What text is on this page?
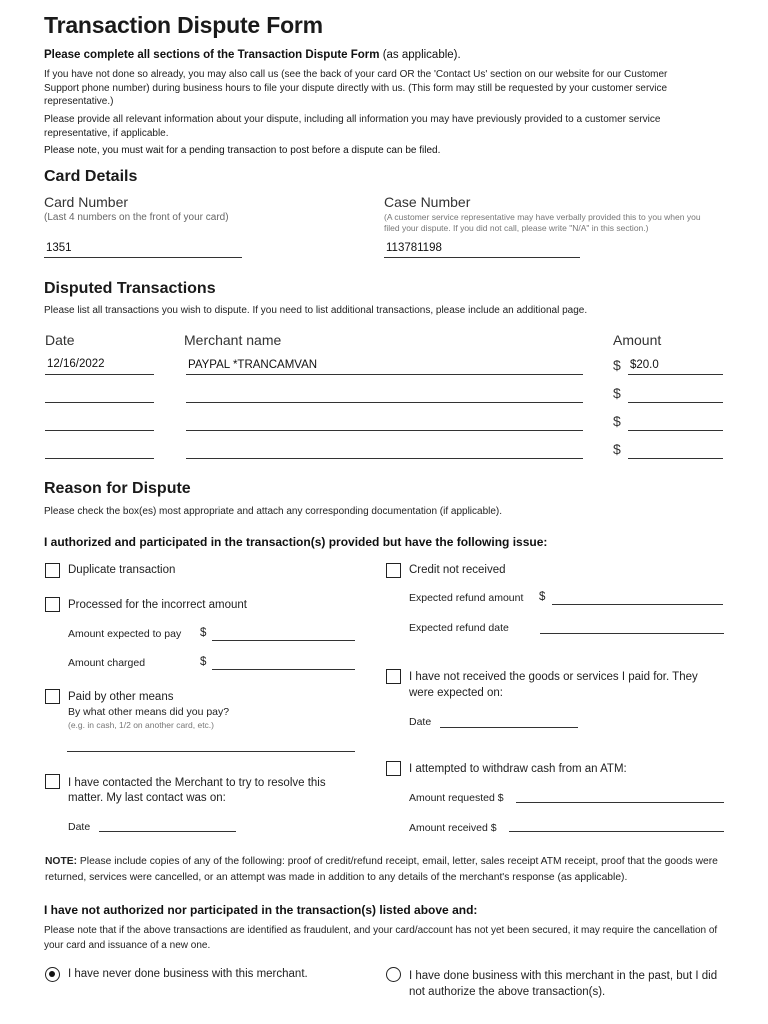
Transaction Dispute Form
Please complete all sections of the Transaction Dispute Form (as applicable).
If you have not done so already, you may also call us (see the back of your card OR the 'Contact Us' section on our website for our Customer Support phone number) during business hours to file your dispute directly with us. (This form may still be requested by your customer service representative.)
Please provide all relevant information about your dispute, including all information you may have previously provided to a customer service representative, if applicable.
Please note, you must wait for a pending transaction to post before a dispute can be filed.
Card Details
Card Number
(Last 4 numbers on the front of your card)
1351
Case Number
(A customer service representative may have verbally provided this to you when you filed your dispute. If you did not call, please write "N/A" in this section.)
113781198
Disputed Transactions
Please list all transactions you wish to dispute. If you need to list additional transactions, please include an additional page.
Date	Merchant name	Amount
12/16/2022	PAYPAL *TRANCAMVAN	$ $20.0
$
$
$
Reason for Dispute
Please check the box(es) most appropriate and attach any corresponding documentation (if applicable).
I authorized and participated in the transaction(s) provided but have the following issue:
Duplicate transaction
Processed for the incorrect amount
Amount expected to pay $
Amount charged	$
Paid by other means
By what other means did you pay?
(e.g. in cash, 1/2 on another card, etc.)
I have contacted the Merchant to try to resolve this matter. My last contact was on:
Date
Credit not received
Expected refund amount $
Expected refund date
I have not received the goods or services I paid for. They were expected on:
Date
I attempted to withdraw cash from an ATM:
Amount requested $
Amount received $
NOTE: Please include copies of any of the following: proof of credit/refund receipt, email, letter, sales receipt ATM receipt, proof that the goods were returned, services were cancelled, or an attempt was made in addition to any details of the merchant's response (as applicable).
I have not authorized nor participated in the transaction(s) listed above and:
Please note that if the above transactions are identified as fraudulent, and your card/account has not yet been secured, it may require the cancellation of your card and issuance of a new one.
I have never done business with this merchant.	I have done business with this merchant in the past, but I did not authorize the above transaction(s).
